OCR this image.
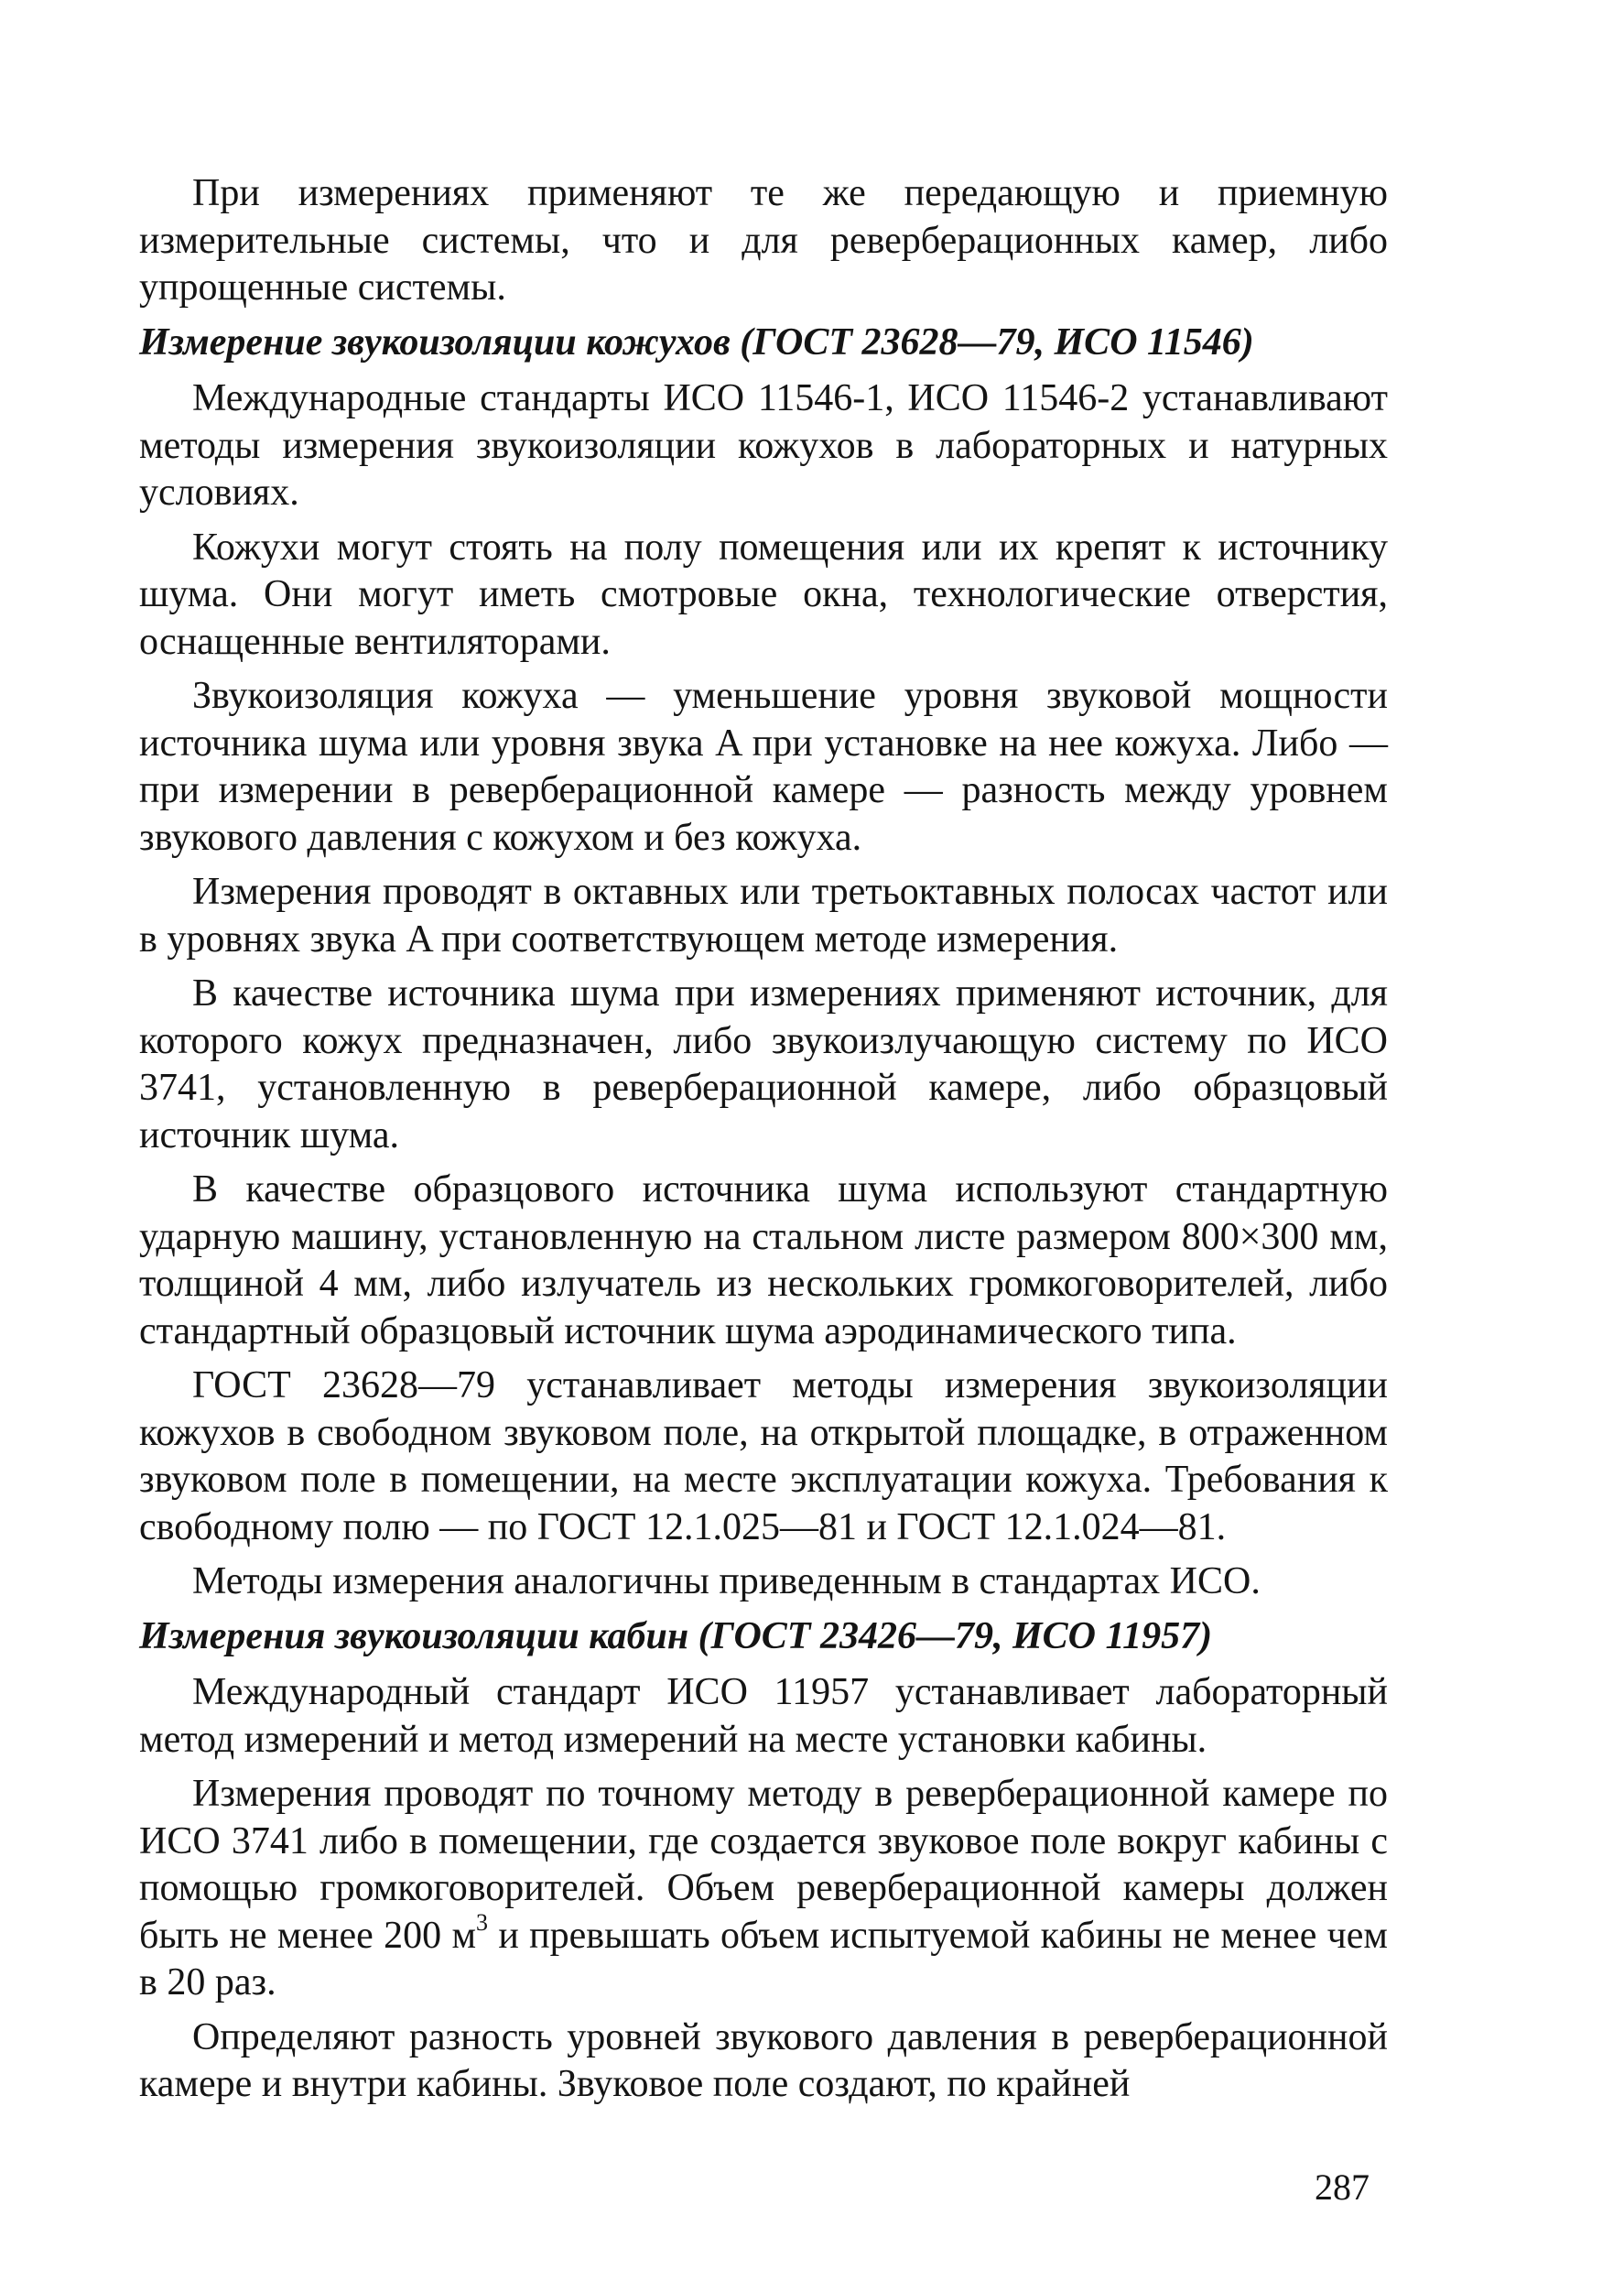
При измерениях применяют те же передающую и приемную измерительные системы, что и для реверберационных камер, либо упрощенные системы.

Измерение звукоизоляции кожухов (ГОСТ 23628—79, ИСО 11546)

Международные стандарты ИСО 11546-1, ИСО 11546-2 устанавливают методы измерения звукоизоляции кожухов в лабораторных и натурных условиях.

Кожухи могут стоять на полу помещения или их крепят к источнику шума. Они могут иметь смотровые окна, технологические отверстия, оснащенные вентиляторами.

Звукоизоляция кожуха — уменьшение уровня звуковой мощности источника шума или уровня звука A при установке на нее кожуха. Либо — при измерении в реверберационной камере — разность между уровнем звукового давления с кожухом и без кожуха.

Измерения проводят в октавных или третьоктавных полосах частот или в уровнях звука A при соответствующем методе измерения.

В качестве источника шума при измерениях применяют источник, для которого кожух предназначен, либо звукоизлучающую систему по ИСО 3741, установленную в реверберационной камере, либо образцовый источник шума.

В качестве образцового источника шума используют стандартную ударную машину, установленную на стальном листе размером 800×300 мм, толщиной 4 мм, либо излучатель из нескольких громкоговорителей, либо стандартный образцовый источник шума аэродинамического типа.

ГОСТ 23628—79 устанавливает методы измерения звукоизоляции кожухов в свободном звуковом поле, на открытой площадке, в отраженном звуковом поле в помещении, на месте эксплуатации кожуха. Требования к свободному полю — по ГОСТ 12.1.025—81 и ГОСТ 12.1.024—81.

Методы измерения аналогичны приведенным в стандартах ИСО.

Измерения звукоизоляции кабин (ГОСТ 23426—79, ИСО 11957)

Международный стандарт ИСО 11957 устанавливает лабораторный метод измерений и метод измерений на месте установки кабины.

Измерения проводят по точному методу в реверберационной камере по ИСО 3741 либо в помещении, где создается звуковое поле вокруг кабины с помощью громкоговорителей. Объем реверберационной камеры должен быть не менее 200 $м^3$ и превышать объем испытуемой кабины не менее чем в 20 раз.

Определяют разность уровней звукового давления в реверберационной камере и внутри кабины. Звуковое поле создают, по крайней

287
